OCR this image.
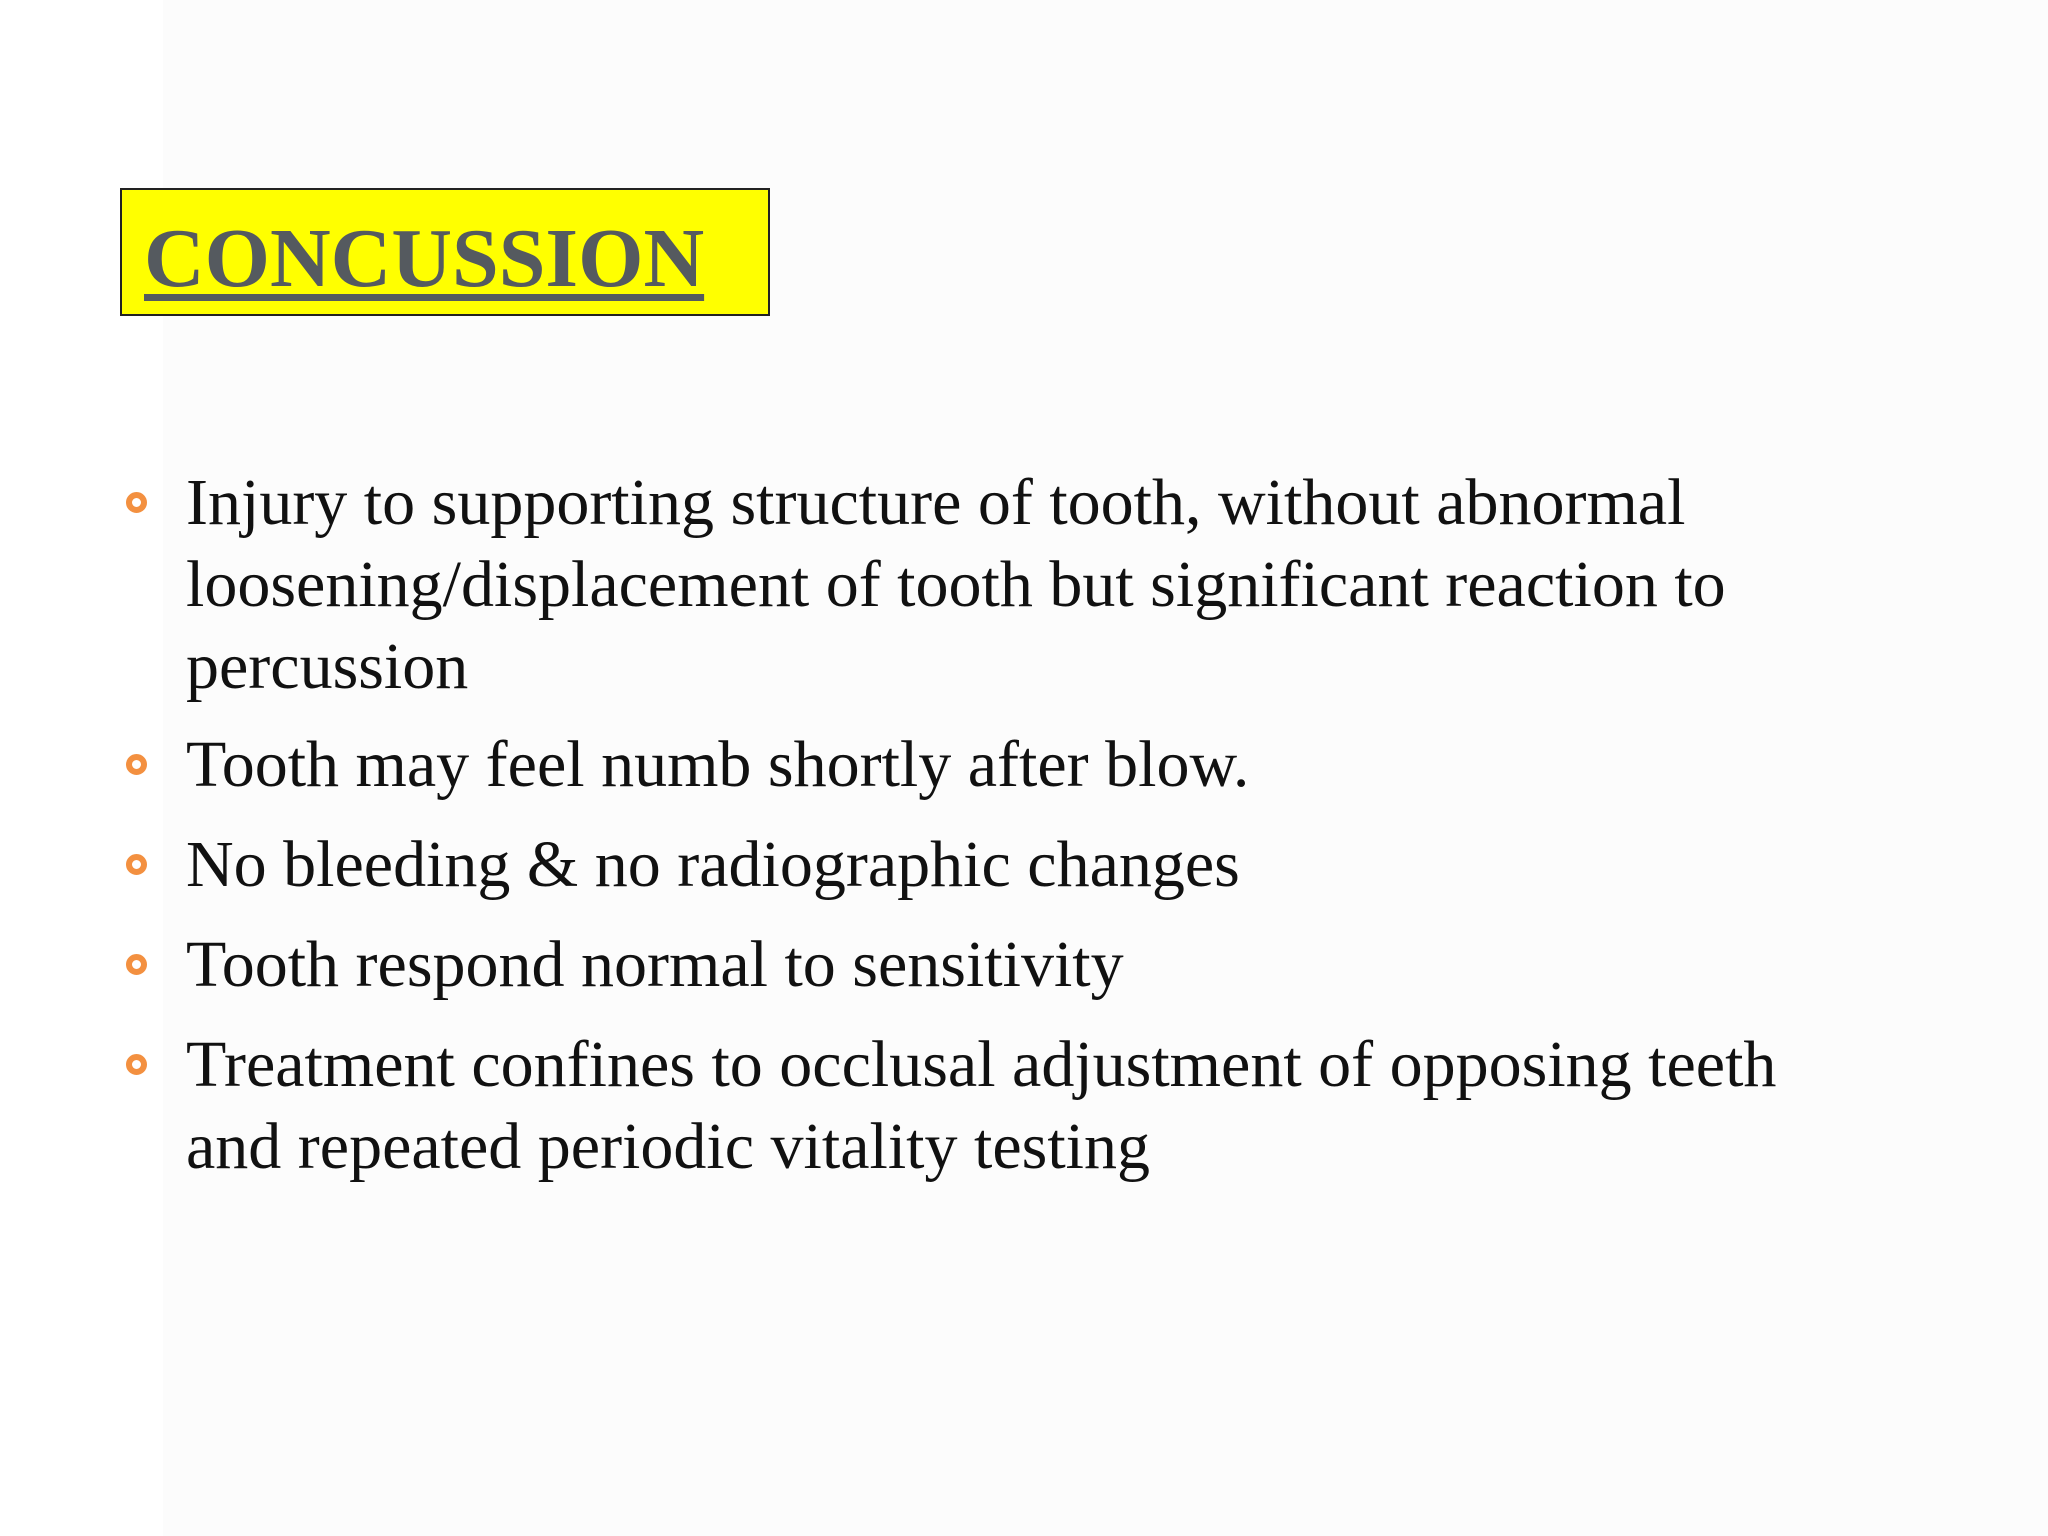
CONCUSSION
Injury to supporting structure of tooth, without abnormal loosening/displacement of tooth but significant reaction to percussion
Tooth may feel numb shortly after blow.
No bleeding & no radiographic changes
Tooth respond normal to sensitivity
Treatment confines to occlusal adjustment of opposing teeth and repeated periodic vitality testing
